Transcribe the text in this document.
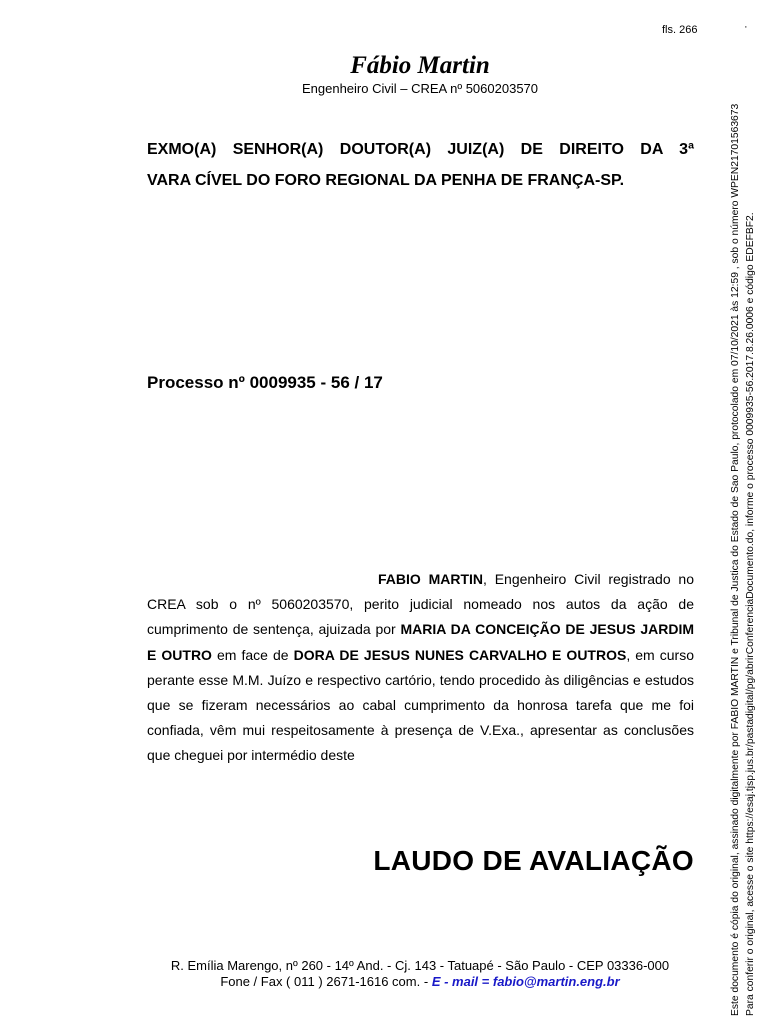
fls. 266	·
Fábio Martin
Engenheiro Civil – CREA nº 5060203570
EXMO(A) SENHOR(A) DOUTOR(A) JUIZ(A) DE DIREITO DA 3ª
VARA CÍVEL DO FORO REGIONAL DA PENHA DE FRANÇA-SP.
Processo nº 0009935 - 56 / 17
FABIO MARTIN, Engenheiro Civil registrado no CREA sob o nº 5060203570, perito judicial nomeado nos autos da ação de cumprimento de sentença, ajuizada por MARIA DA CONCEIÇÃO DE JESUS JARDIM E OUTRO em face de DORA DE JESUS NUNES CARVALHO E OUTROS, em curso perante esse M.M. Juízo e respectivo cartório, tendo procedido às diligências e estudos que se fizeram necessários ao cabal cumprimento da honrosa tarefa que me foi confiada, vêm mui respeitosamente à presença de V.Exa., apresentar as conclusões que cheguei por intermédio deste
LAUDO DE AVALIAÇÃO
R. Emília Marengo, nº 260 - 14º And. - Cj. 143 - Tatuapé - São Paulo - CEP 03336-000
Fone / Fax ( 011 ) 2671-1616 com. - E - mail = fabio@martin.eng.br	Este documento é cópia do original, assinado digitalmente por FABIO MARTIN e Tribunal de Justica do Estado de Sao Paulo, protocolado em 07/10/2021 às 12:59 , sob o número WPEN21701563673 Para conferir o original, acesse o site https://esaj.tjsp.jus.br/pastadigital/pg/abrirConferenciaDocumento.do, informe o processo 0009935-56.2017.8.26.0006 e código EDEFBF2.
